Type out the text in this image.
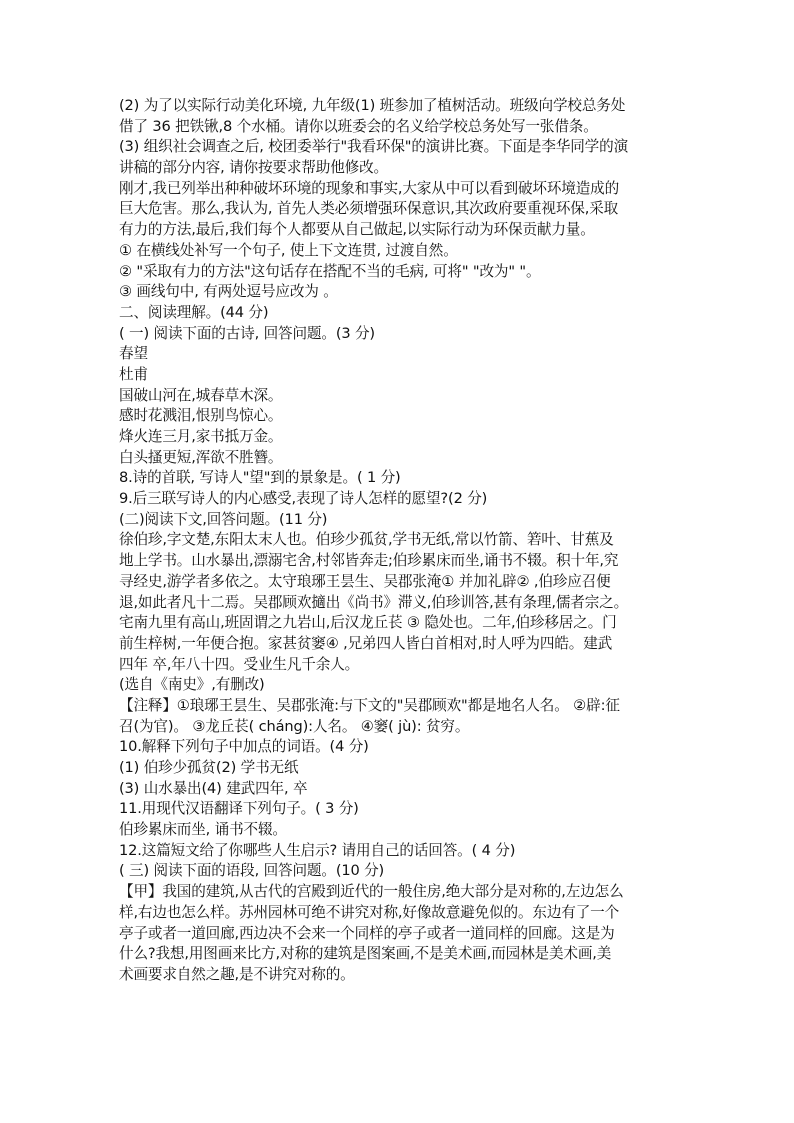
(2) 为了以实际行动美化环境, 九年级(1) 班参加了植树活动。班级向学校总务处
借了 36 把铁锹,8 个水桶。请你以班委会的名义给学校总务处写一张借条。
(3) 组织社会调查之后, 校团委举行"我看环保"的演讲比赛。下面是李华同学的演
讲稿的部分内容, 请你按要求帮助他修改。
刚才,我已列举出种种破坏环境的现象和事实,大家从中可以看到破坏环境造成的
巨大危害。那么,我认为, 首先人类必须增强环保意识,其次政府要重视环保,采取
有力的方法,最后,我们每个人都要从自己做起,以实际行动为环保贡献力量。
① 在横线处补写一个句子, 使上下文连贯, 过渡自然。
② "采取有力的方法"这句话存在搭配不当的毛病, 可将" "改为" "。
③ 画线句中, 有两处逗号应改为 。
二、阅读理解。(44 分)
( 一) 阅读下面的古诗, 回答问题。(3 分)
春望
杜甫
国破山河在,城春草木深。
感时花溅泪,恨别鸟惊心。
烽火连三月,家书抵万金。
白头搔更短,浑欲不胜簪。
8.诗的首联, 写诗人"望"到的景象是。( 1 分)
9.后三联写诗人的内心感受,表现了诗人怎样的愿望?(2 分)
(二)阅读下文,回答问题。(11 分)
徐伯珍,字文楚,东阳太末人也。伯珍少孤贫,学书无纸,常以竹箭、箬叶、甘蕉及
地上学书。山水暴出,漂溺宅舍,村邻皆奔走;伯珍累床而坐,诵书不辍。积十年,究
寻经史,游学者多依之。太守琅琊王昙生、吴郡张淹① 并加礼辟② ,伯珍应召便
退,如此者凡十二焉。吴郡顾欢擿出《尚书》滞义,伯珍训答,甚有条理,儒者宗之。
宅南九里有高山,班固谓之九岩山,后汉龙丘苌 ③ 隐处也。二年,伯珍移居之。门
前生梓树,一年便合抱。家甚贫窭④ ,兄弟四人皆白首相对,时人呼为四皓。建武
四年 卒,年八十四。受业生凡千余人。
(选自《南史》,有删改)
【注释】①琅琊王昙生、吴郡张淹:与下文的"吴郡顾欢"都是地名人名。 ②辟:征
召(为官)。 ③龙丘苌( cháng):人名。 ④窭( jù): 贫穷。
10.解释下列句子中加点的词语。(4 分)
(1) 伯珍少孤贫(2) 学书无纸
(3) 山水暴出(4) 建武四年, 卒
11.用现代汉语翻译下列句子。( 3 分)
伯珍累床而坐, 诵书不辍。
12.这篇短文给了你哪些人生启示? 请用自己的话回答。( 4 分)
( 三) 阅读下面的语段, 回答问题。(10 分)
【甲】我国的建筑,从古代的宫殿到近代的一般住房,绝大部分是对称的,左边怎么
样,右边也怎么样。苏州园林可绝不讲究对称,好像故意避免似的。东边有了一个
亭子或者一道回廊,西边决不会来一个同样的亭子或者一道同样的回廊。这是为
什么?我想,用图画来比方,对称的建筑是图案画,不是美术画,而园林是美术画,美
术画要求自然之趣,是不讲究对称的。
